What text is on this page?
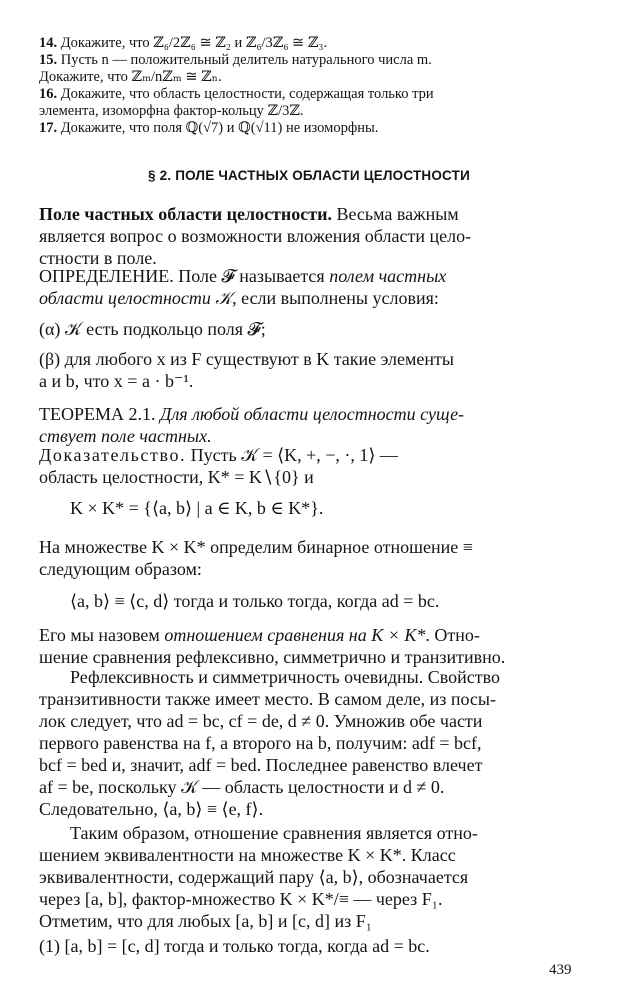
14. Докажите, что ℤ₆/2ℤ₆ ≅ ℤ₂ и ℤ₆/3ℤ₆ ≅ ℤ₃.
15. Пусть n — положительный делитель натурального числа m.
Докажите, что ℤₘ/nℤₘ ≅ ℤₙ.
16. Докажите, что область целостности, содержащая только три
элемента, изоморфна фактор-кольцу ℤ/3ℤ.
17. Докажите, что поля ℚ(√7) и ℚ(√11) не изоморфны.
§ 2. ПОЛЕ ЧАСТНЫХ ОБЛАСТИ ЦЕЛОСТНОСТИ
Поле частных области целостности. Весьма важным
является вопрос о возможности вложения области цело-
стности в поле.
ОПРЕДЕЛЕНИЕ. Поле 𝓕 называется полем частных
области целостности 𝒦, если выполнены условия:
(α) 𝒦 есть подкольцо поля 𝓕;
(β) для любого x из F существуют в K такие элементы
a и b, что x = a · b⁻¹.
ТЕОРЕМА 2.1. Для любой области целостности суще-
ствует поле частных.
Доказательство. Пусть 𝒦 = ⟨K, +, −, ·, 1⟩ —
область целостности, K* = K∖{0} и
K × K* = {⟨a, b⟩ | a ∈ K, b ∈ K*}.
На множестве K × K* определим бинарное отношение ≡
следующим образом:
⟨a, b⟩ ≡ ⟨c, d⟩ тогда и только тогда, когда ad = bc.
Его мы назовем отношением сравнения на K × K*. Отно-
шение сравнения рефлексивно, симметрично и транзитивно.
Рефлексивность и симметричность очевидны. Свойство
транзитивности также имеет место. В самом деле, из посы-
лок следует, что ad = bc, cf = de, d ≠ 0. Умножив обе части
первого равенства на f, а второго на b, получим: adf = bcf,
bcf = bed и, значит, adf = bed. Последнее равенство влечет
af = be, поскольку 𝒦 — область целостности и d ≠ 0.
Следовательно, ⟨a, b⟩ ≡ ⟨e, f⟩.
Таким образом, отношение сравнения является отно-
шением эквивалентности на множестве K × K*. Класс
эквивалентности, содержащий пару ⟨a, b⟩, обозначается
через [a, b], фактор-множество K × K*/≡ — через F₁.
Отметим, что для любых [a, b] и [c, d] из F₁
(1) [a, b] = [c, d] тогда и только тогда, когда ad = bc.
439
